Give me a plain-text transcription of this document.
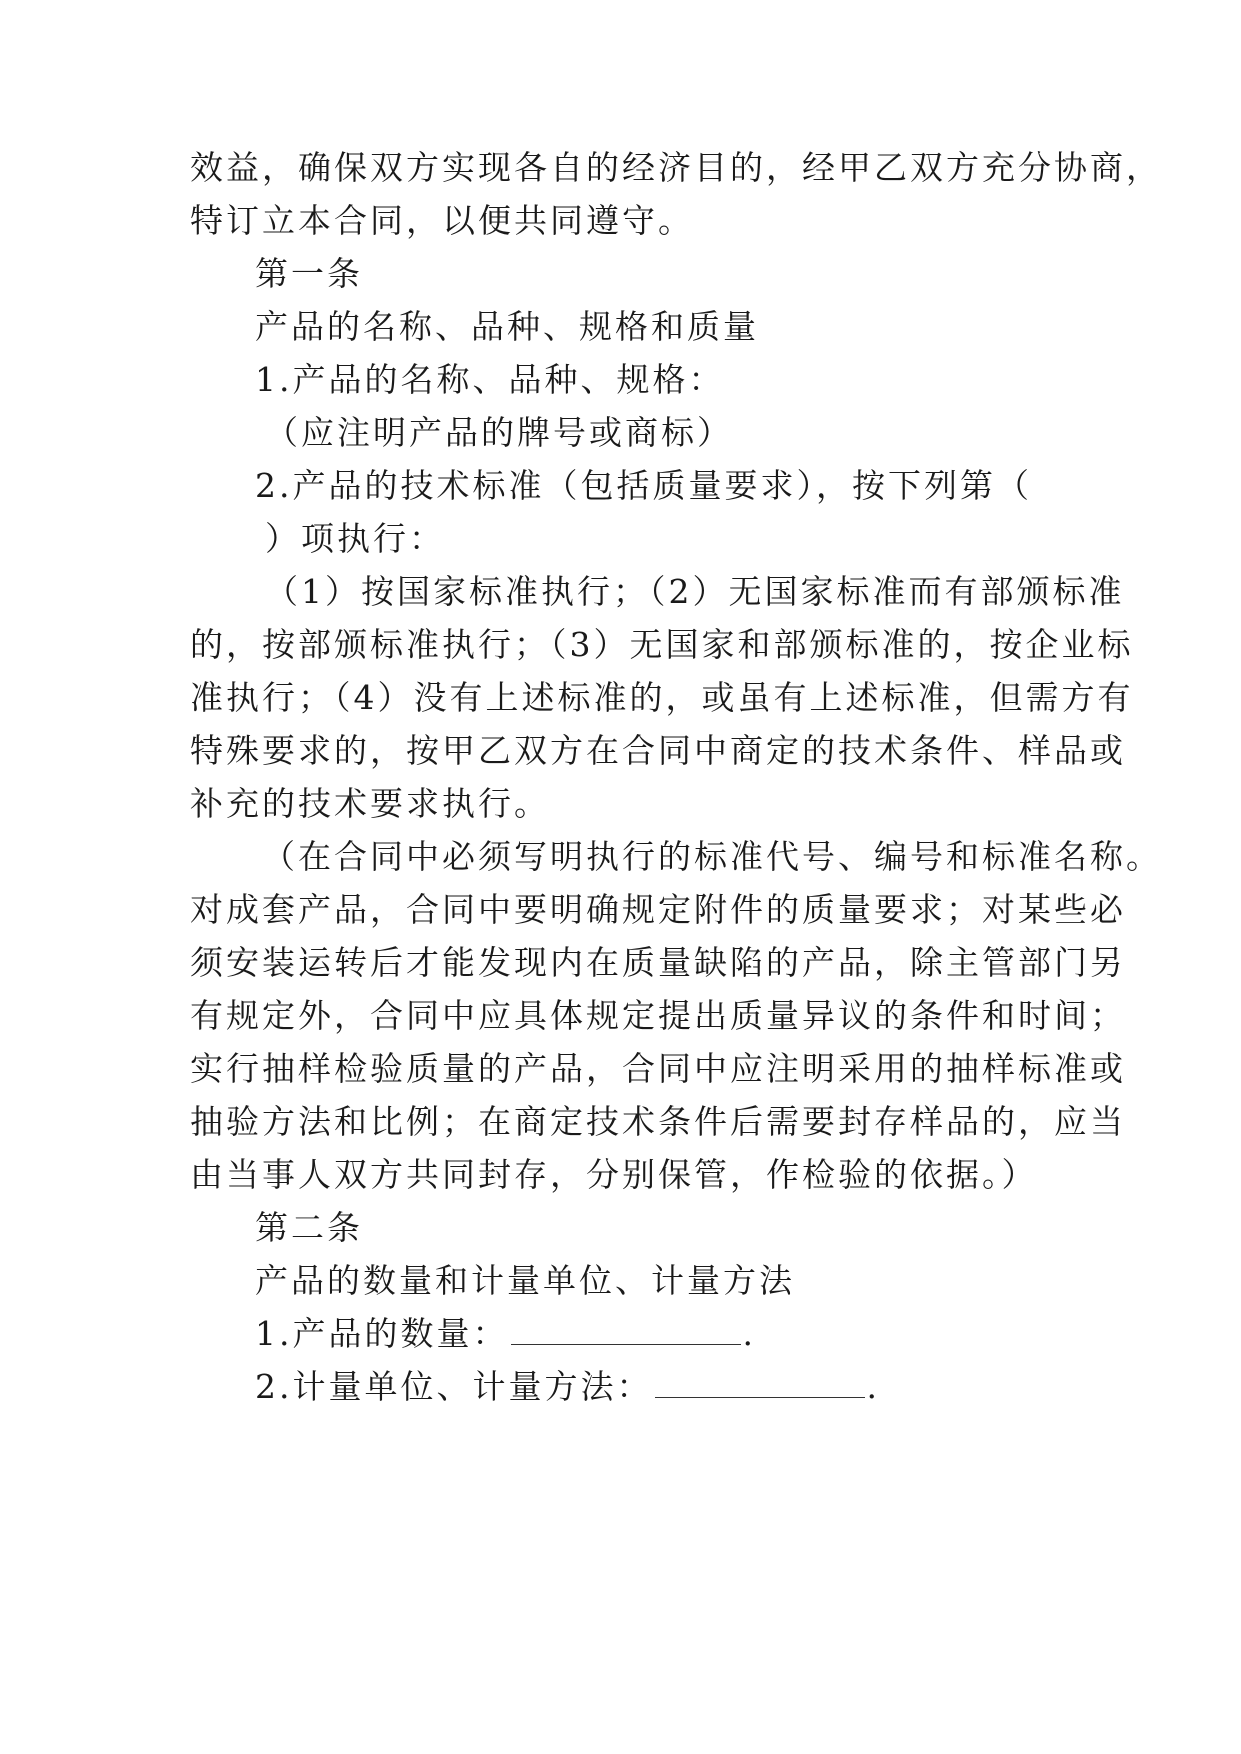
效益，确保双方实现各自的经济目的，经甲乙双方充分协商，
特订立本合同，以便共同遵守。
第一条
产品的名称、品种、规格和质量
1.产品的名称、品种、规格：
（应注明产品的牌号或商标）
2.产品的技术标准（包括质量要求），按下列第（
）项执行：
（1）按国家标准执行；（2）无国家标准而有部颁标准
的，按部颁标准执行；（3）无国家和部颁标准的，按企业标
准执行；（4）没有上述标准的，或虽有上述标准，但需方有
特殊要求的，按甲乙双方在合同中商定的技术条件、样品或
补充的技术要求执行。
（在合同中必须写明执行的标准代号、编号和标准名称。
对成套产品，合同中要明确规定附件的质量要求；对某些必
须安装运转后才能发现内在质量缺陷的产品，除主管部门另
有规定外，合同中应具体规定提出质量异议的条件和时间；
实行抽样检验质量的产品，合同中应注明采用的抽样标准或
抽验方法和比例；在商定技术条件后需要封存样品的，应当
由当事人双方共同封存，分别保管，作检验的依据。）
第二条
产品的数量和计量单位、计量方法
1.产品的数量：	.
2.计量单位、计量方法：	.
